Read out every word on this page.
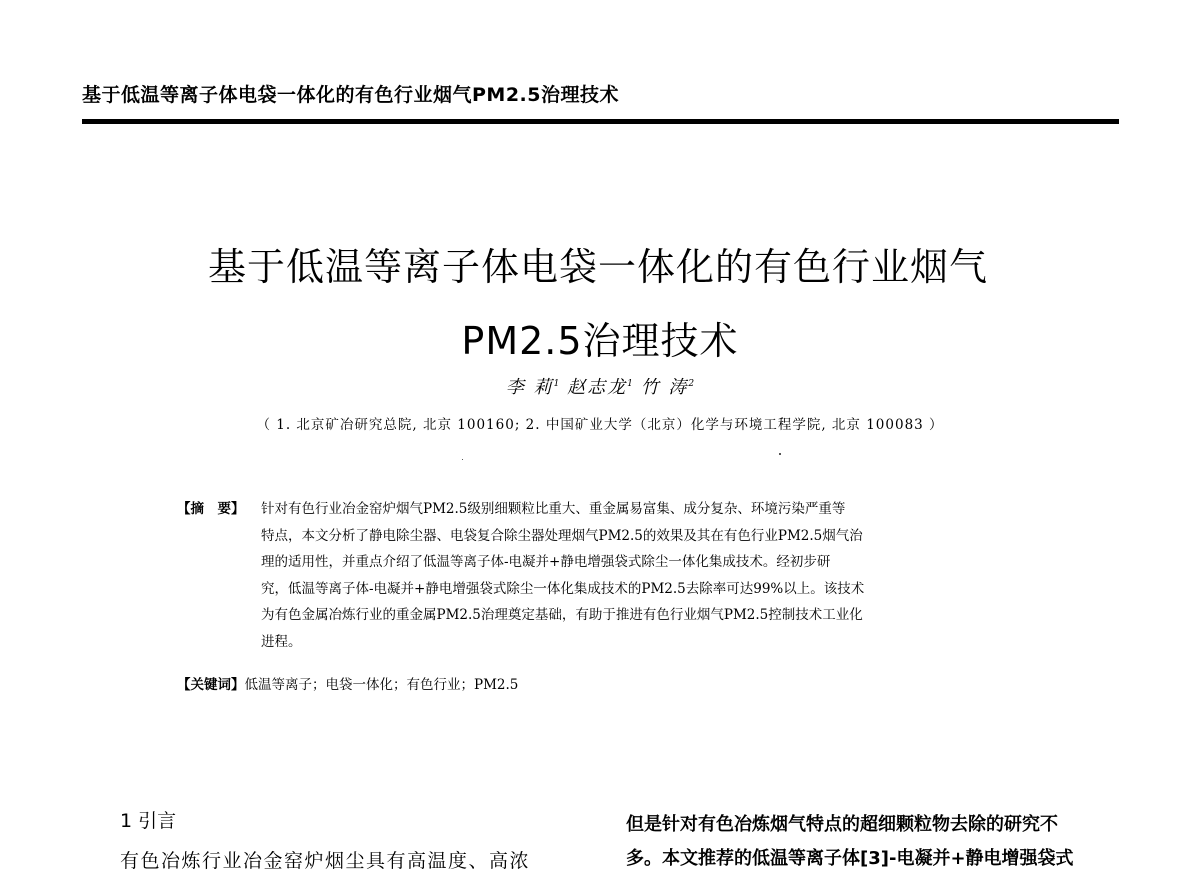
基于低温等离子体电袋一体化的有色行业烟气PM2.5治理技术
基于低温等离子体电袋一体化的有色行业烟气
PM2.5治理技术
李 莉$^1$ 赵志龙$^1$ 竹 涛$^2$
（ 1. 北京矿冶研究总院, 北京 100160; 2. 中国矿业大学（北京）化学与环境工程学院, 北京 100083 ）
【摘　要】 针对有色行业冶金窑炉烟气PM2.5级别细颗粒比重大、重金属易富集、成分复杂、环境污染严重等
特点，本文分析了静电除尘器、电袋复合除尘器处理烟气PM2.5的效果及其在有色行业PM2.5烟气治
理的适用性，并重点介绍了低温等离子体-电凝并+静电增强袋式除尘一体化集成技术。经初步研
究，低温等离子体-电凝并+静电增强袋式除尘一体化集成技术的PM2.5去除率可达99%以上。该技术
为有色金属冶炼行业的重金属PM2.5治理奠定基础，有助于推进有色行业烟气PM2.5控制技术工业化
进程。
【关键词】低温等离子；电袋一体化；有色行业；PM2.5
1 引言
有色冶炼行业冶金窑炉烟尘具有高温度、高浓
但是针对有色冶炼烟气特点的超细颗粒物去除的研究不
多。本文推荐的低温等离子体[3]-电凝并+静电增强袋式
